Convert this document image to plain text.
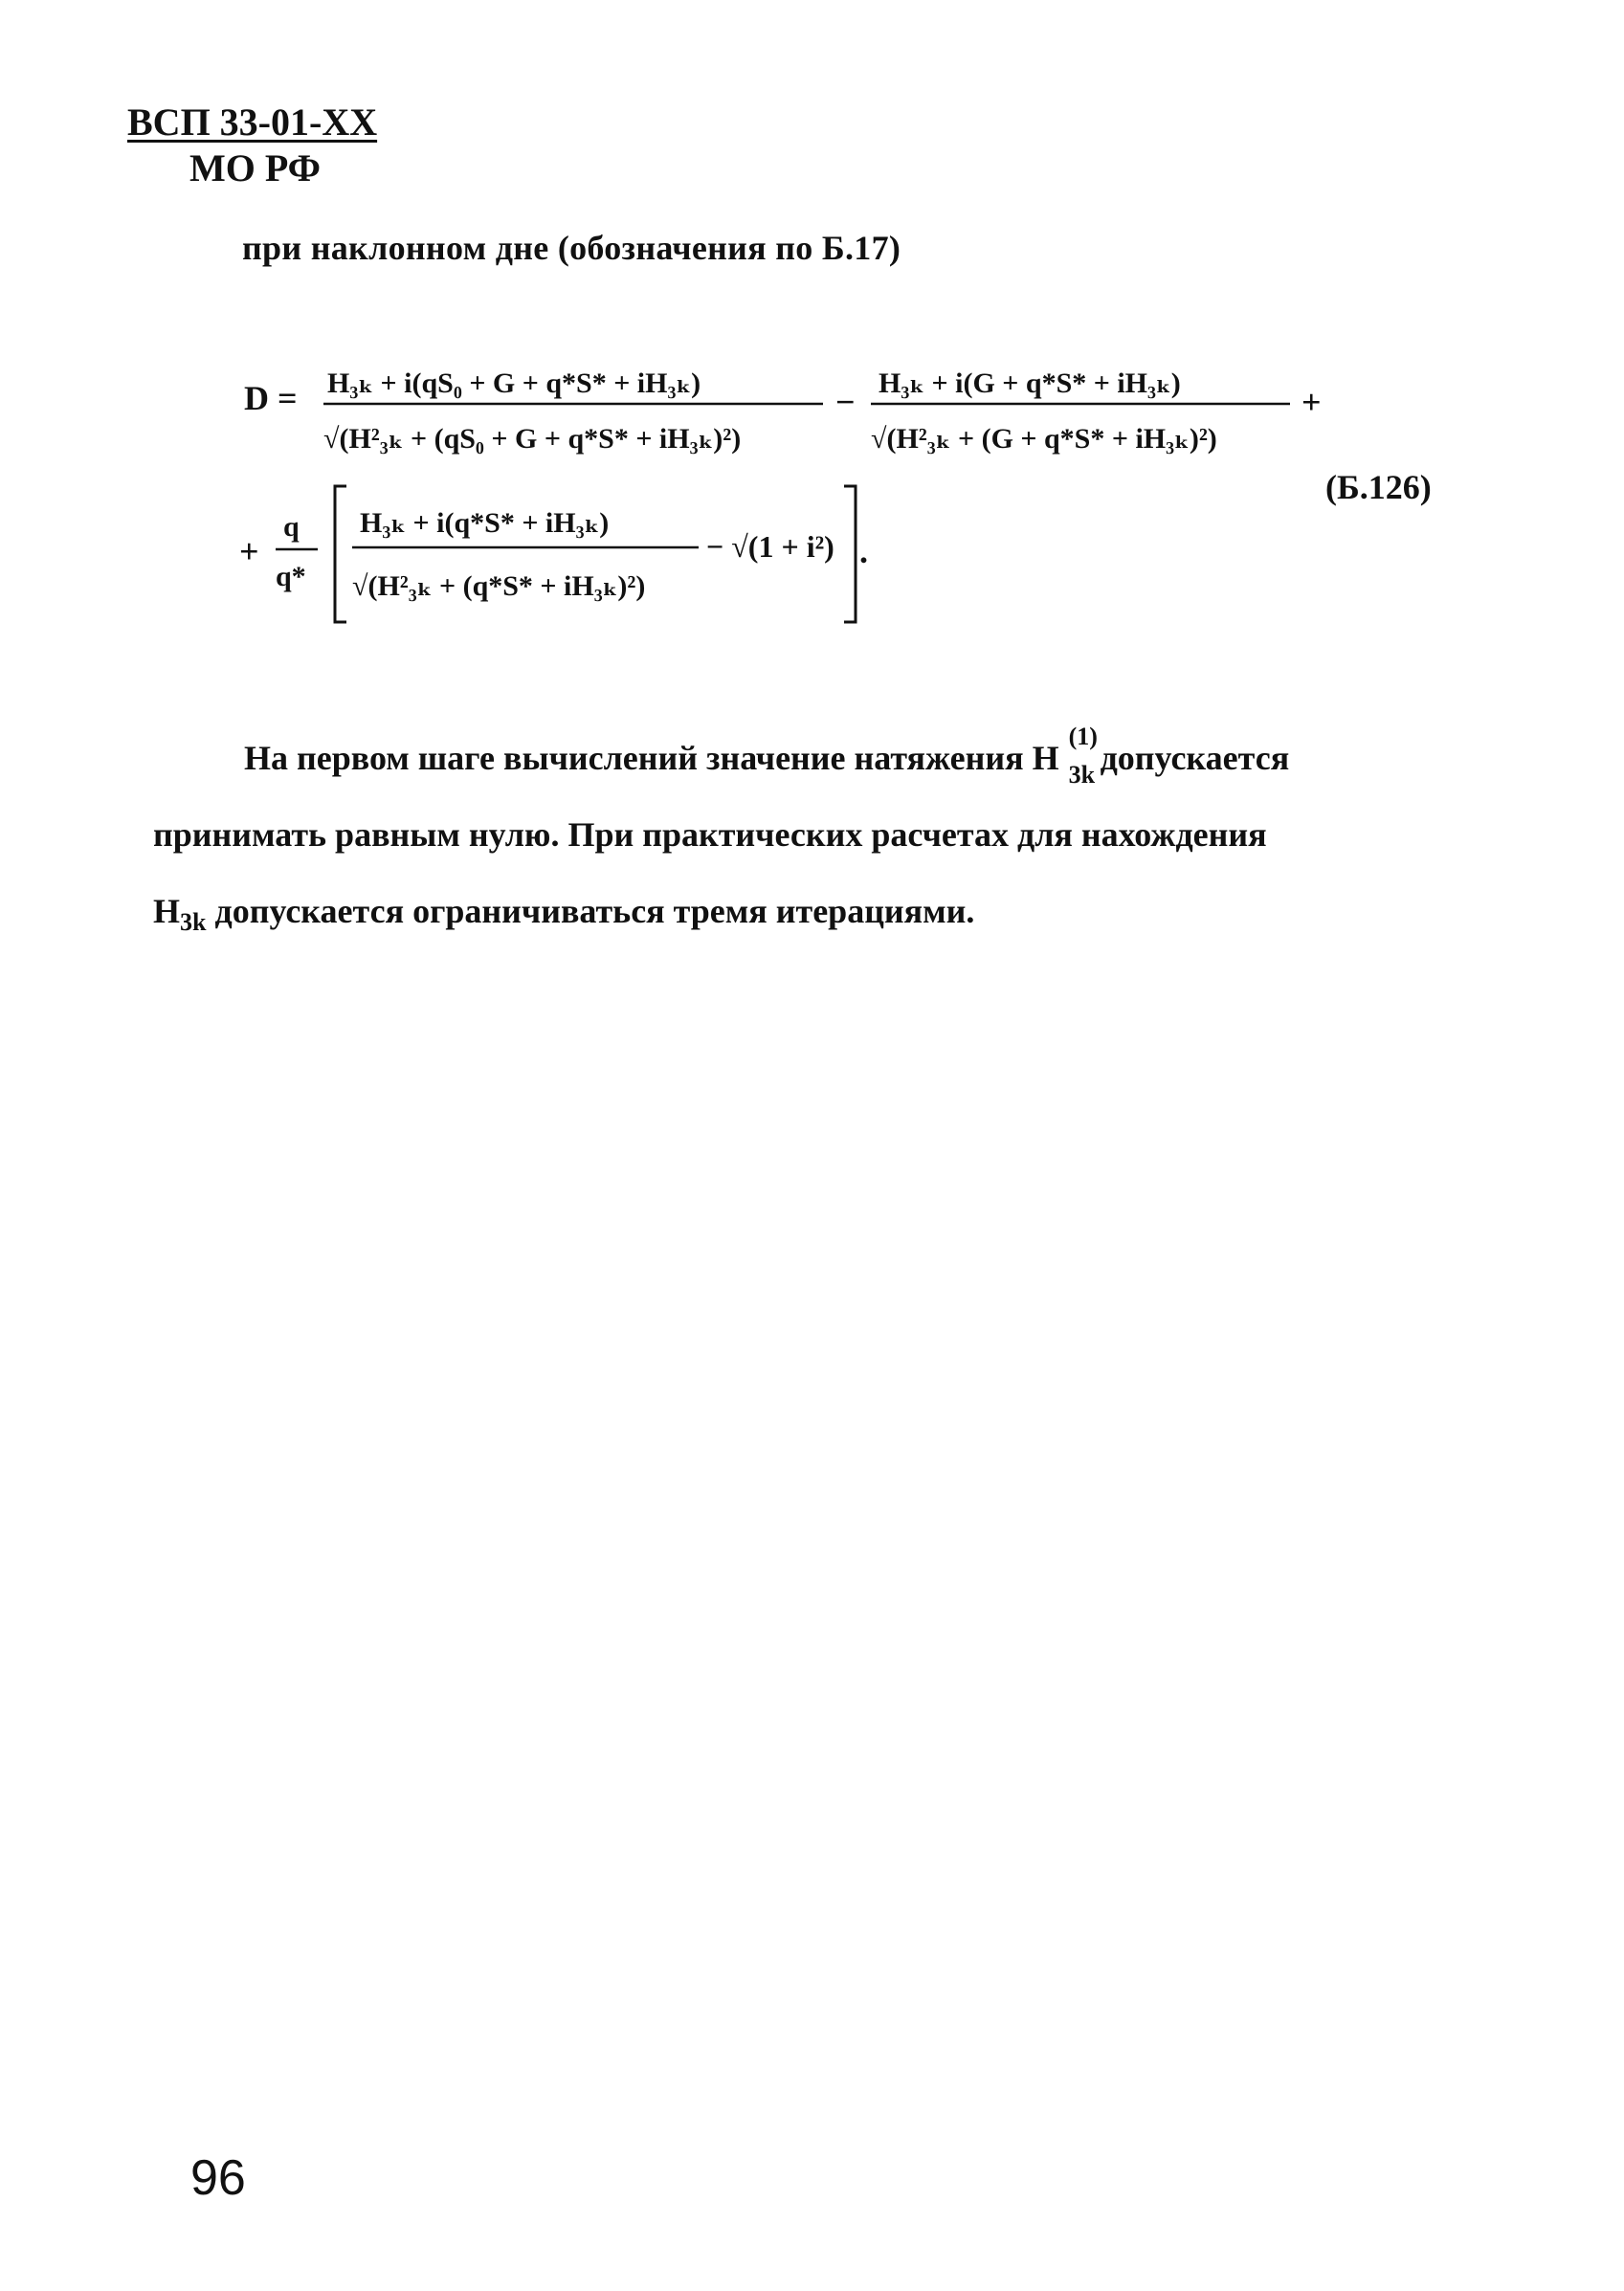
ВСП 33-01-XX
МО РФ
при наклонном дне (обозначения по Б.17)
D = H₃ₖ + i(qS₀ + G + q*S* + iH₃ₖ)
√(H²₃ₖ + (qS₀ + G + q*S* + iH₃ₖ)²)
− H₃ₖ + i(G + q*S* + iH₃ₖ)
√(H²₃ₖ + (G + q*S* + iH₃ₖ)²)
+
+
q
q*
H₃ₖ + i(q*S* + iH₃ₖ)
√(H²₃ₖ + (q*S* + iH₃ₖ)²)
− √(1 + i²) .
(Б.126)
На первом шаге вычислений значение натяжения H
(1)
3k допускается
принимать равным нулю. При практических расчетах для нахождения
$H_{3k}$ допускается ограничиваться тремя итерациями.
96
